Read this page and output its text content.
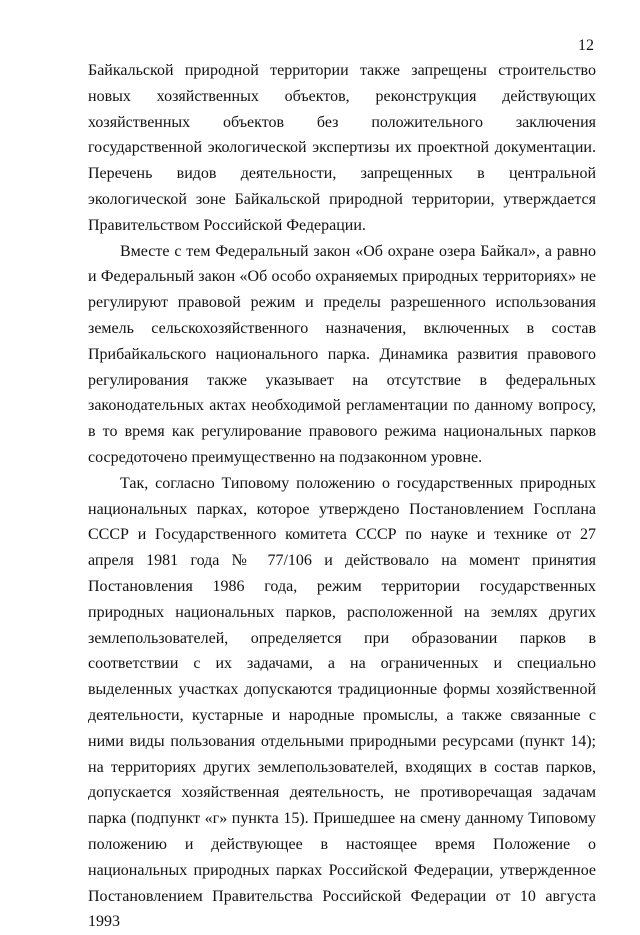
12

Байкальской природной территории также запрещены строительство новых хозяйственных объектов, реконструкция действующих хозяйственных объектов без положительного заключения государственной экологической экспертизы их проектной документации. Перечень видов деятельности, запрещенных в центральной экологической зоне Байкальской природной территории, утверждается Правительством Российской Федерации.

Вместе с тем Федеральный закон «Об охране озера Байкал», а равно и Федеральный закон «Об особо охраняемых природных территориях» не регулируют правовой режим и пределы разрешенного использования земель сельскохозяйственного назначения, включенных в состав Прибайкальского национального парка. Динамика развития правового регулирования также указывает на отсутствие в федеральных законодательных актах необходимой регламентации по данному вопросу, в то время как регулирование правового режима национальных парков сосредоточено преимущественно на подзаконном уровне.

Так, согласно Типовому положению о государственных природных национальных парках, которое утверждено Постановлением Госплана СССР и Государственного комитета СССР по науке и технике от 27 апреля 1981 года № 77/106 и действовало на момент принятия Постановления 1986 года, режим территории государственных природных национальных парков, расположенной на землях других землепользователей, определяется при образовании парков в соответствии с их задачами, а на ограниченных и специально выделенных участках допускаются традиционные формы хозяйственной деятельности, кустарные и народные промыслы, а также связанные с ними виды пользования отдельными природными ресурсами (пункт 14); на территориях других землепользователей, входящих в состав парков, допускается хозяйственная деятельность, не противоречащая задачам парка (подпункт «г» пункта 15). Пришедшее на смену данному Типовому положению и действующее в настоящее время Положение о национальных природных парках Российской Федерации, утвержденное Постановлением Правительства Российской Федерации от 10 августа 1993
